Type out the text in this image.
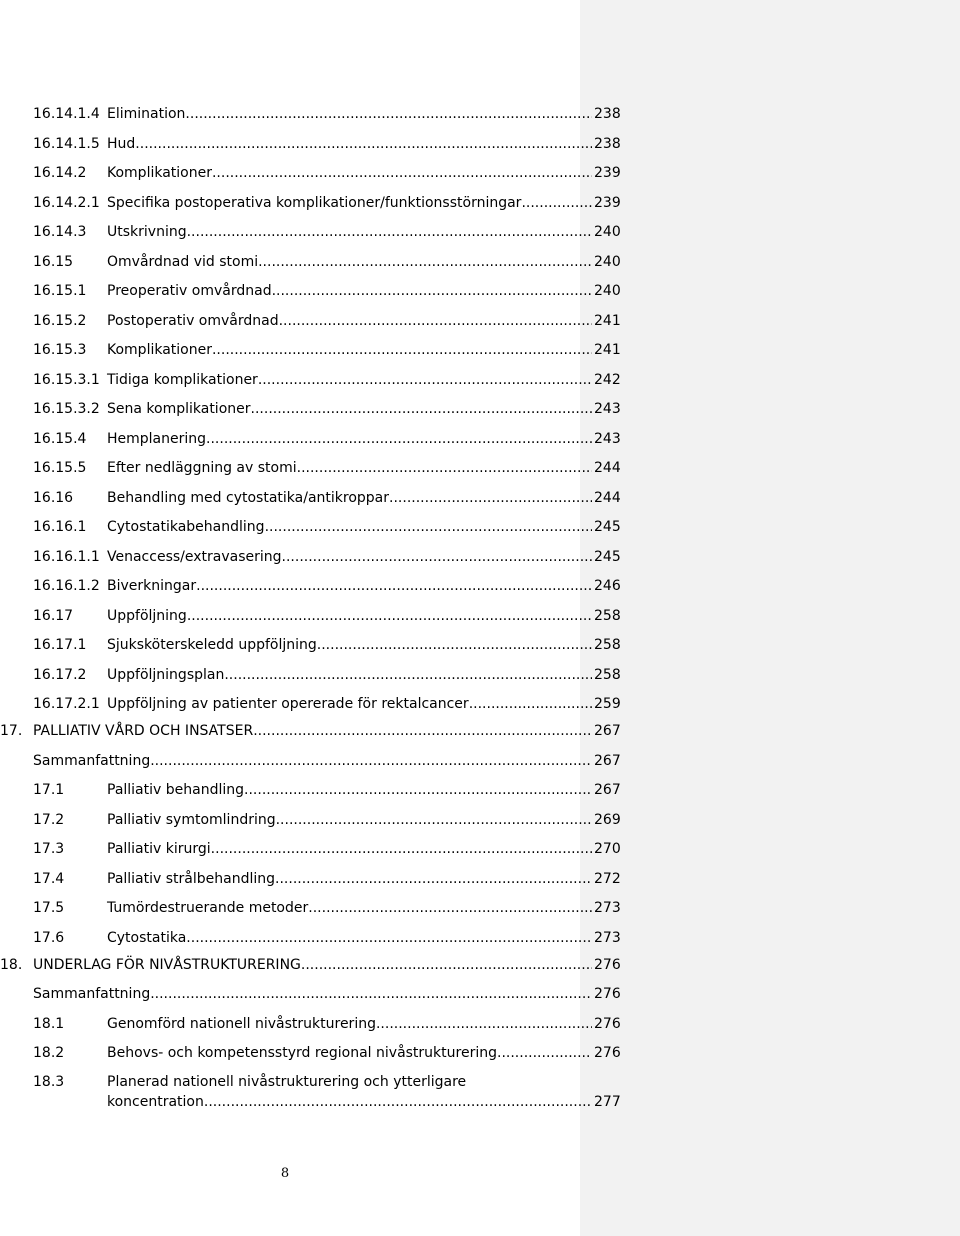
16.14.1.4 Elimination .....	238
16.14.1.5 Hud .....	238
16.14.2 Komplikationer .....	239
16.14.2.1 Specifika postoperativa komplikationer/funktionsstörningar .....	239
16.14.3 Utskrivning .....	240
16.15 Omvårdnad vid stomi .....	240
16.15.1 Preoperativ omvårdnad .....	240
16.15.2 Postoperativ omvårdnad .....	241
16.15.3 Komplikationer .....	241
16.15.3.1 Tidiga komplikationer .....	242
16.15.3.2 Sena komplikationer .....	243
16.15.4 Hemplanering .....	243
16.15.5 Efter nedläggning av stomi .....	244
16.16 Behandling med cytostatika/antikroppar .....	244
16.16.1 Cytostatikabehandling .....	245
16.16.1.1 Venaccess/extravasering .....	245
16.16.1.2 Biverkningar .....	246
16.17 Uppföljning .....	258
16.17.1 Sjuksköterskeledd uppföljning .....	258
16.17.2 Uppföljningsplan .....	258
16.17.2.1 Uppföljning av patienter opererade för rektalcancer .....	259
17. PALLIATIV VÅRD OCH INSATSER .....	267
Sammanfattning .....	267
17.1	Palliativ behandling .....	267
17.2	Palliativ symtomlindring .....	269
17.3	Palliativ kirurgi .....	270
17.4	Palliativ strålbehandling .....	272
17.5	Tumördestruerande metoder .....	273
17.6	Cytostatika .....	273
18. UNDERLAG FÖR NIVÅSTRUKTURERING .....	276
Sammanfattning .....	276
18.1	Genomförd nationell nivåstrukturering .....	276
18.2	Behovs- och kompetensstyrd regional nivåstrukturering .....	276
18.3	Planerad nationell nivåstrukturering och ytterligare
koncentration .....	277
8
